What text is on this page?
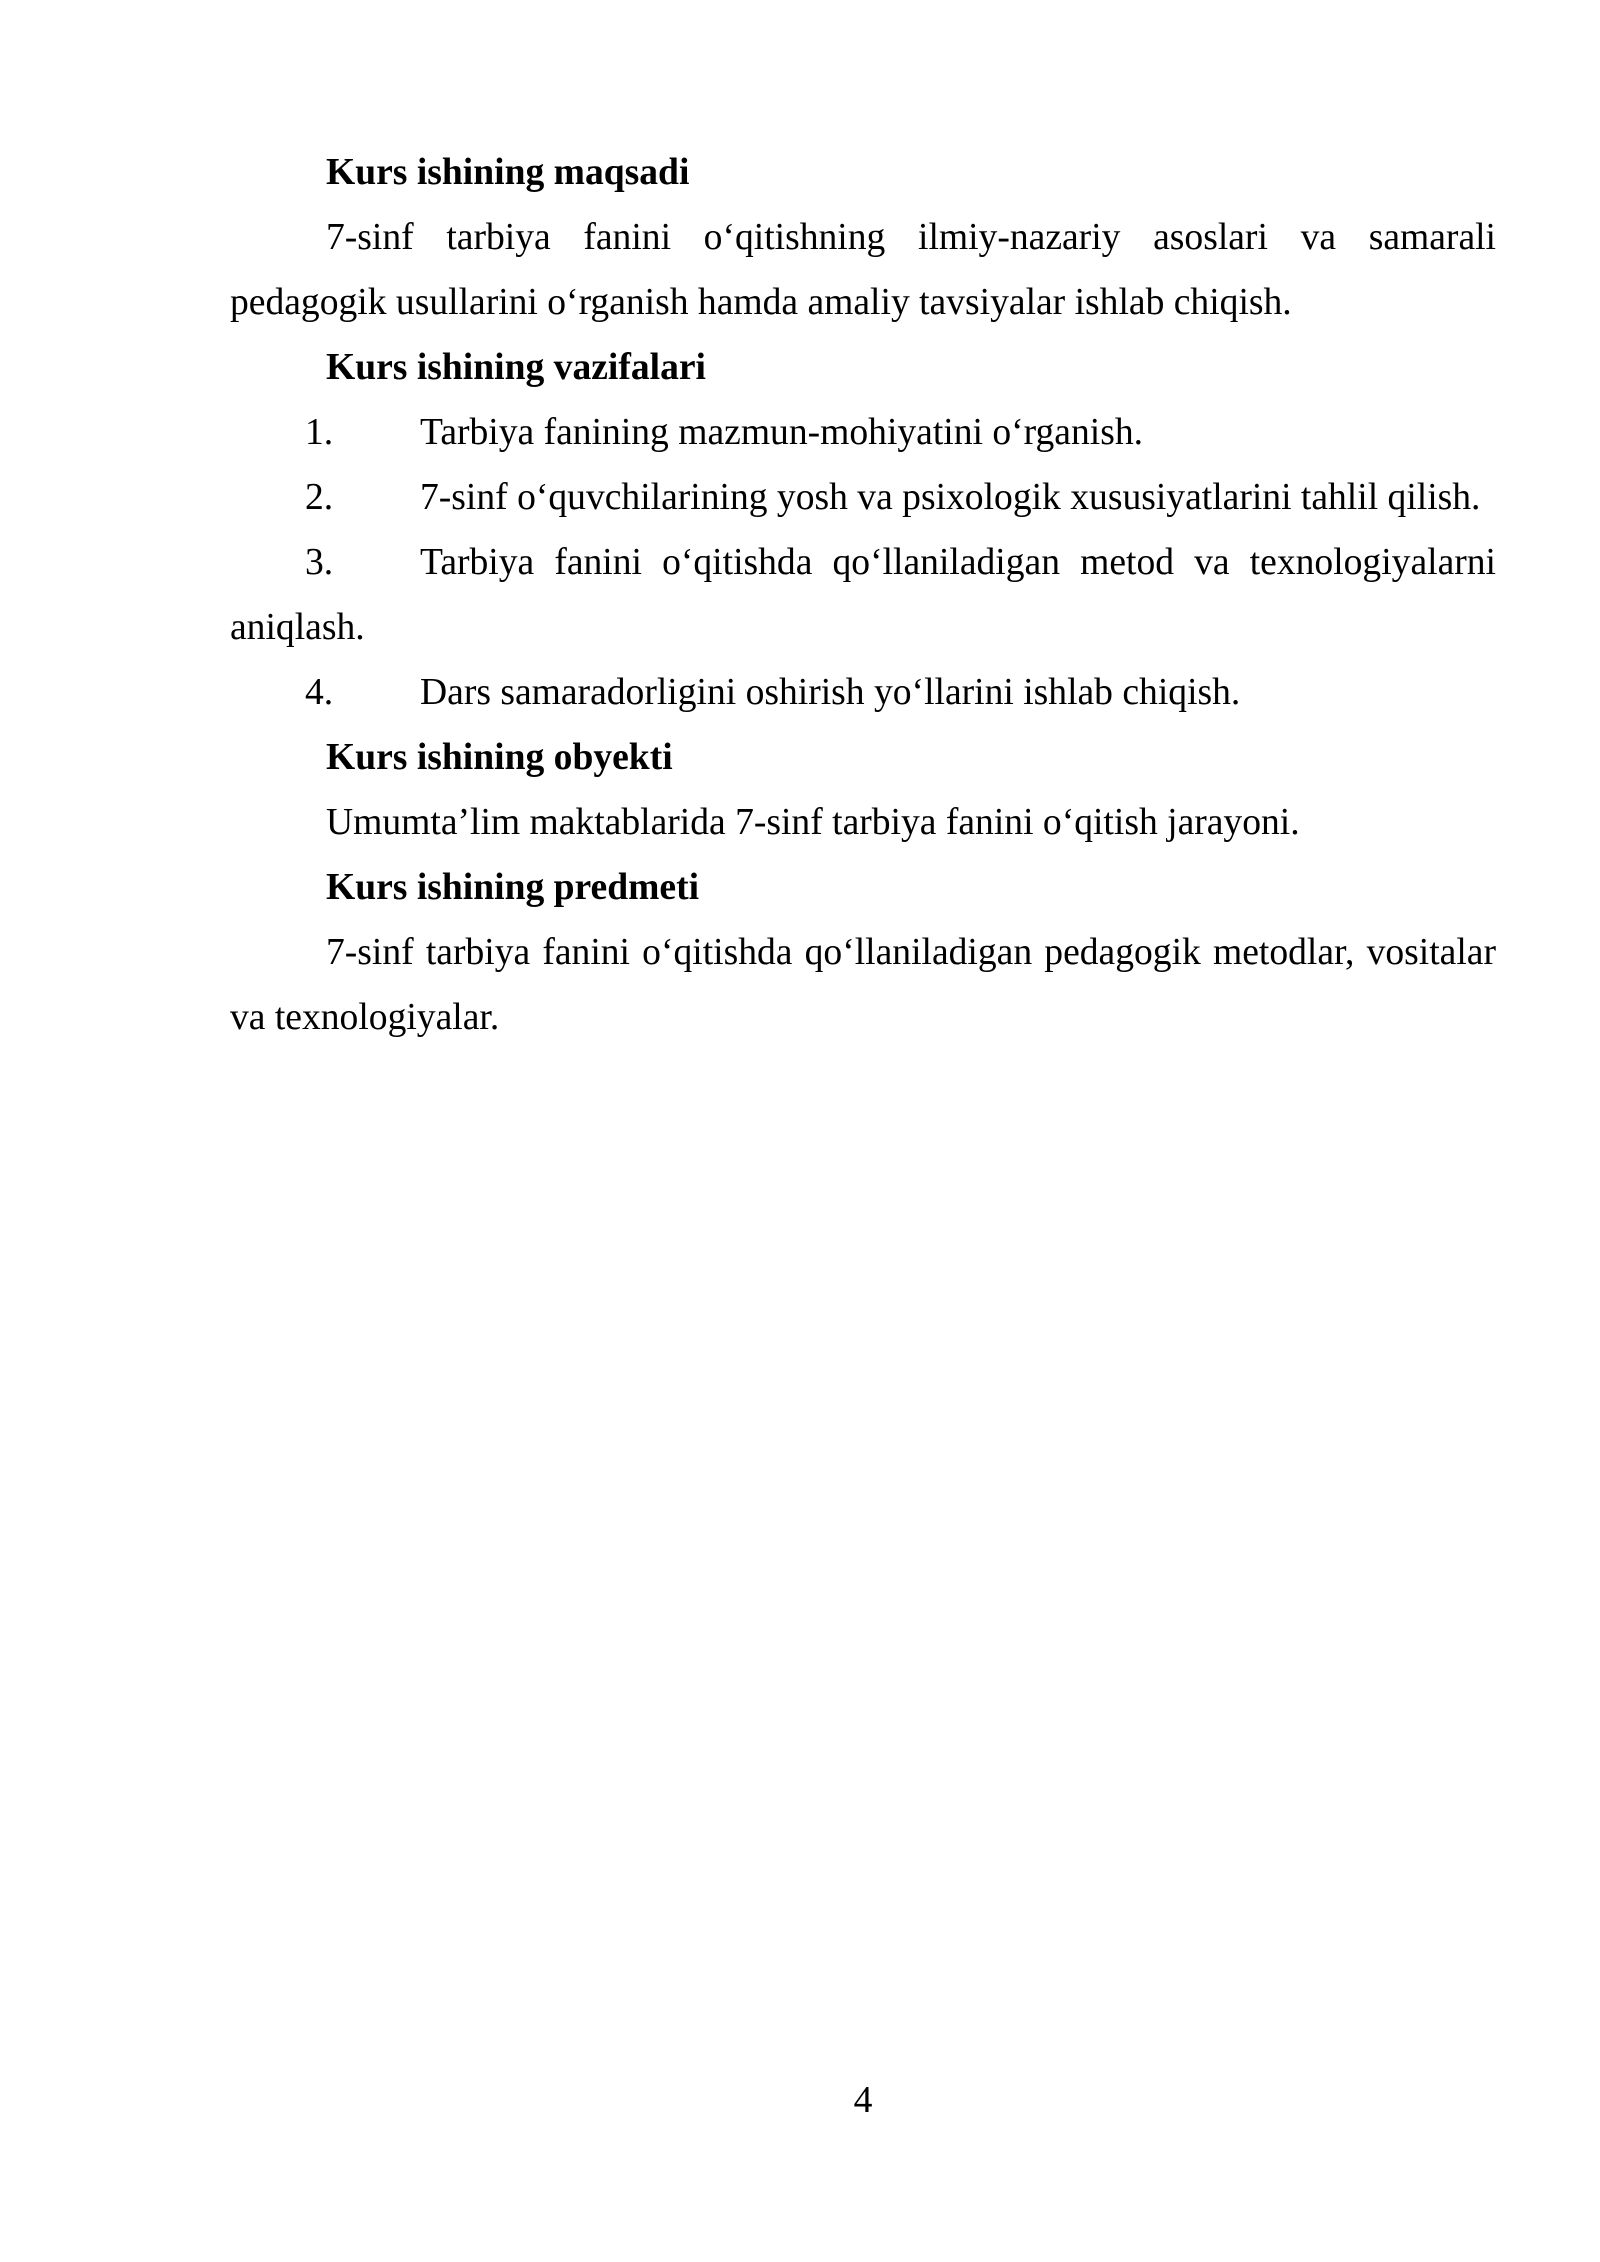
Kurs ishining maqsadi

7-sinf tarbiya fanini o‘qitishning ilmiy-nazariy asoslari va samarali pedagogik usullarini o‘rganish hamda amaliy tavsiyalar ishlab chiqish.

Kurs ishining vazifalari

1. Tarbiya fanining mazmun-mohiyatini o‘rganish.
2. 7-sinf o‘quvchilarining yosh va psixologik xususiyatlarini tahlil qilish.
3. Tarbiya fanini o‘qitishda qo‘llaniladigan metod va texnologiyalarni aniqlash.
4. Dars samaradorligini oshirish yo‘llarini ishlab chiqish.

Kurs ishining obyekti

Umumta’lim maktablarida 7-sinf tarbiya fanini o‘qitish jarayoni.

Kurs ishining predmeti

7-sinf tarbiya fanini o‘qitishda qo‘llaniladigan pedagogik metodlar, vositalar va texnologiyalar.

4
